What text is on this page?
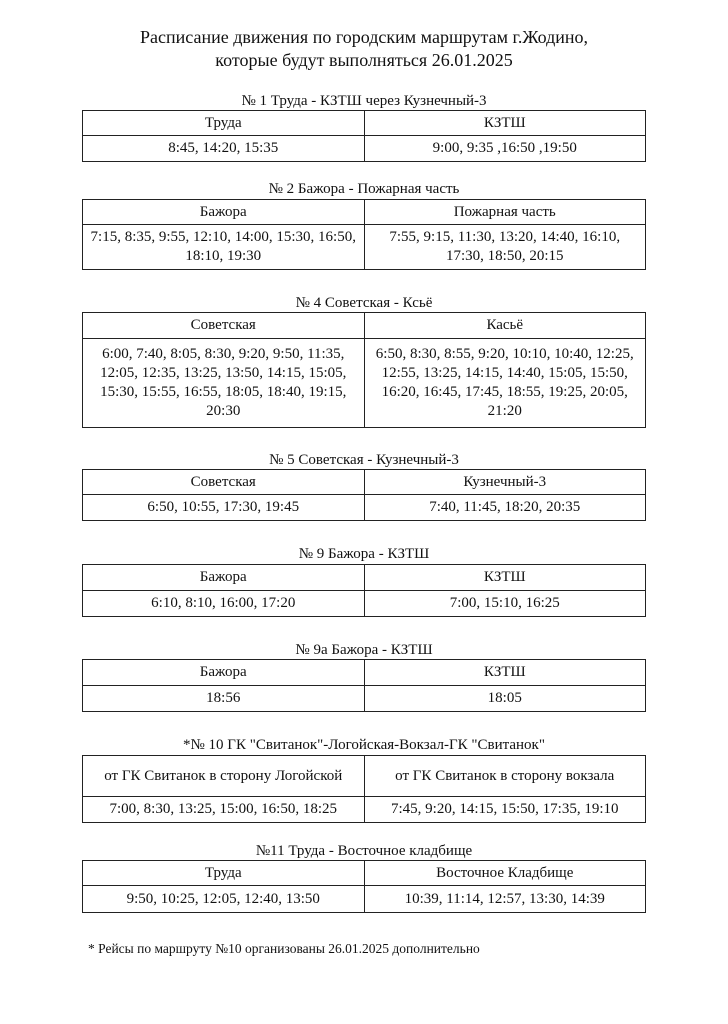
Расписание движения по городским маршрутам г.Жодино,
которые будут выполняться 26.01.2025
№ 1 Труда - КЗТШ через Кузнечный-3
Труда	КЗТШ
8:45, 14:20, 15:35	9:00, 9:35 ,16:50 ,19:50
№ 2 Бажора - Пожарная часть
Бажора	Пожарная часть
7:15, 8:35, 9:55, 12:10, 14:00, 15:30, 16:50, 18:10, 19:30	7:55, 9:15, 11:30, 13:20, 14:40, 16:10, 17:30, 18:50, 20:15
№ 4 Советская - Ксьё
Советская	Касьё
6:00, 7:40, 8:05, 8:30, 9:20, 9:50, 11:35, 12:05, 12:35, 13:25, 13:50, 14:15, 15:05, 15:30, 15:55, 16:55, 18:05, 18:40, 19:15, 20:30	6:50, 8:30, 8:55, 9:20, 10:10, 10:40, 12:25, 12:55, 13:25, 14:15, 14:40, 15:05, 15:50, 16:20, 16:45, 17:45, 18:55, 19:25, 20:05, 21:20
№ 5 Советская - Кузнечный-3
Советская	Кузнечный-3
6:50, 10:55, 17:30, 19:45	7:40, 11:45, 18:20, 20:35
№ 9 Бажора - КЗТШ
Бажора	КЗТШ
6:10, 8:10, 16:00, 17:20	7:00, 15:10, 16:25
№ 9а Бажора - КЗТШ
Бажора	КЗТШ
18:56	18:05
*№ 10 ГК "Свитанок"-Логойская-Вокзал-ГК "Свитанок"
от ГК Свитанок в сторону Логойской	от ГК Свитанок в сторону вокзала
7:00, 8:30, 13:25, 15:00, 16:50, 18:25	7:45, 9:20, 14:15, 15:50, 17:35, 19:10
№11 Труда - Восточное кладбище
Труда	Восточное Кладбище
9:50, 10:25, 12:05, 12:40, 13:50	10:39, 11:14, 12:57, 13:30, 14:39
* Рейсы по маршруту №10 организованы 26.01.2025 дополнительно
